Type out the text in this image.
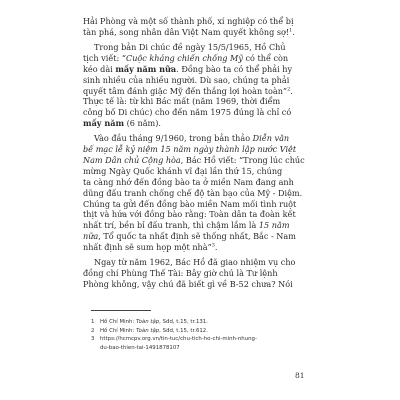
Hải Phòng và một số thành phố, xí nghiệp có thể bị
tàn phá, song nhân dân Việt Nam quyết không sợ!$^1$.

Trong bản Di chúc đề ngày 15/5/1965, Hồ Chủ
tịch viết: “Cuộc kháng chiến chống Mỹ có thể còn
kéo dài mấy năm nữa. Đồng bào ta có thể phải hy
sinh nhiều của nhiều người. Dù sao, chúng ta phải
quyết tâm đánh giặc Mỹ đến thắng lợi hoàn toàn”$^2$.
Thực tế là: từ khi Bác mất (năm 1969, thời điểm
công bố Di chúc) cho đến năm 1975 đúng là chỉ có
mấy năm (6 năm).

Vào đầu tháng 9/1960, trong bản thảo Diễn văn
bế mạc lễ kỷ niệm 15 năm ngày thành lập nước Việt
Nam Dân chủ Cộng hòa, Bác Hồ viết: “Trong lúc chúc
mừng Ngày Quốc khánh vĩ đại lần thứ 15, chúng
ta càng nhớ đến đồng bào ta ở miền Nam đang anh
dũng đấu tranh chống chế độ tàn bạo của Mỹ - Diệm.
Chúng ta gửi đến đồng bào miền Nam mối tình ruột
thịt và hứa với đồng bào rằng: Toàn dân ta đoàn kết
nhất trí, bền bỉ đấu tranh, thì chậm lắm là 15 năm
nữa, Tổ quốc ta nhất định sẽ thống nhất, Bắc - Nam
nhất định sẽ sum họp một nhà”$^3$.

Ngay từ năm 1962, Bác Hồ đã giao nhiệm vụ cho
đồng chí Phùng Thế Tài: Bây giờ chú là Tư lệnh
Phòng không, vậy chú đã biết gì về B-52 chưa? Nói

1	Hồ Chí Minh: Toàn tập, Sđd, t.15, tr.131.
2	Hồ Chí Minh: Toàn tập, Sđd, t.15, tr.612.
3	https://hcmcpv.org.vn/tin-tuc/chu-tich-ho-chi-minh-nhung-
du-bao-thien-tai-1491878107
81
